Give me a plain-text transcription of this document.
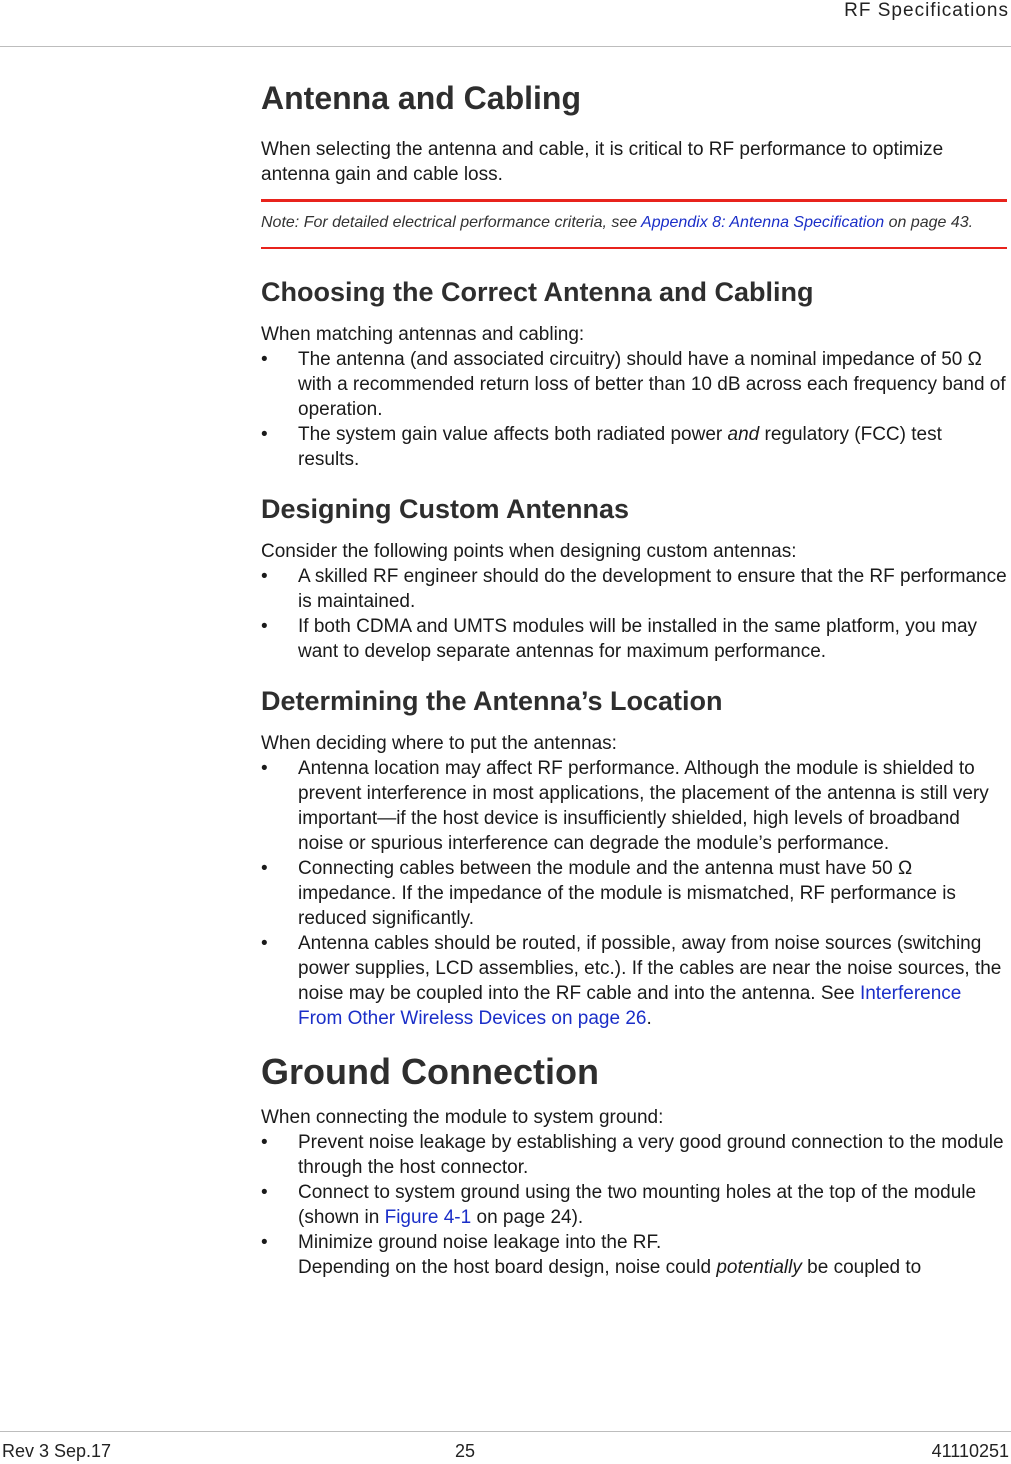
RF Specifications
Antenna and Cabling

When selecting the antenna and cable, it is critical to RF performance to optimize antenna gain and cable loss.

Note: For detailed electrical performance criteria, see Appendix 8: Antenna Specification on page 43.

Choosing the Correct Antenna and Cabling

When matching antennas and cabling:

• The antenna (and associated circuitry) should have a nominal impedance of 50 Ω with a recommended return loss of better than 10 dB across each frequency band of operation.
• The system gain value affects both radiated power and regulatory (FCC) test results.
Designing Custom Antennas

Consider the following points when designing custom antennas:

• A skilled RF engineer should do the development to ensure that the RF performance is maintained.
• If both CDMA and UMTS modules will be installed in the same platform, you may want to develop separate antennas for maximum performance.
Determining the Antenna’s Location

When deciding where to put the antennas:

• Antenna location may affect RF performance. Although the module is shielded to prevent interference in most applications, the placement of the antenna is still very important—if the host device is insufficiently shielded, high levels of broadband noise or spurious interference can degrade the module’s performance.
• Connecting cables between the module and the antenna must have 50 Ω impedance. If the impedance of the module is mismatched, RF performance is reduced significantly.
• Antenna cables should be routed, if possible, away from noise sources (switching power supplies, LCD assemblies, etc.). If the cables are near the noise sources, the noise may be coupled into the RF cable and into the antenna. See Interference From Other Wireless Devices on page 26.
Ground Connection

When connecting the module to system ground:

• Prevent noise leakage by establishing a very good ground connection to the module through the host connector.
• Connect to system ground using the two mounting holes at the top of the module (shown in Figure 4-1 on page 24).
• Minimize ground noise leakage into the RF.
Depending on the host board design, noise could potentially be coupled to
Rev 3 Sep.17	25	41110251
